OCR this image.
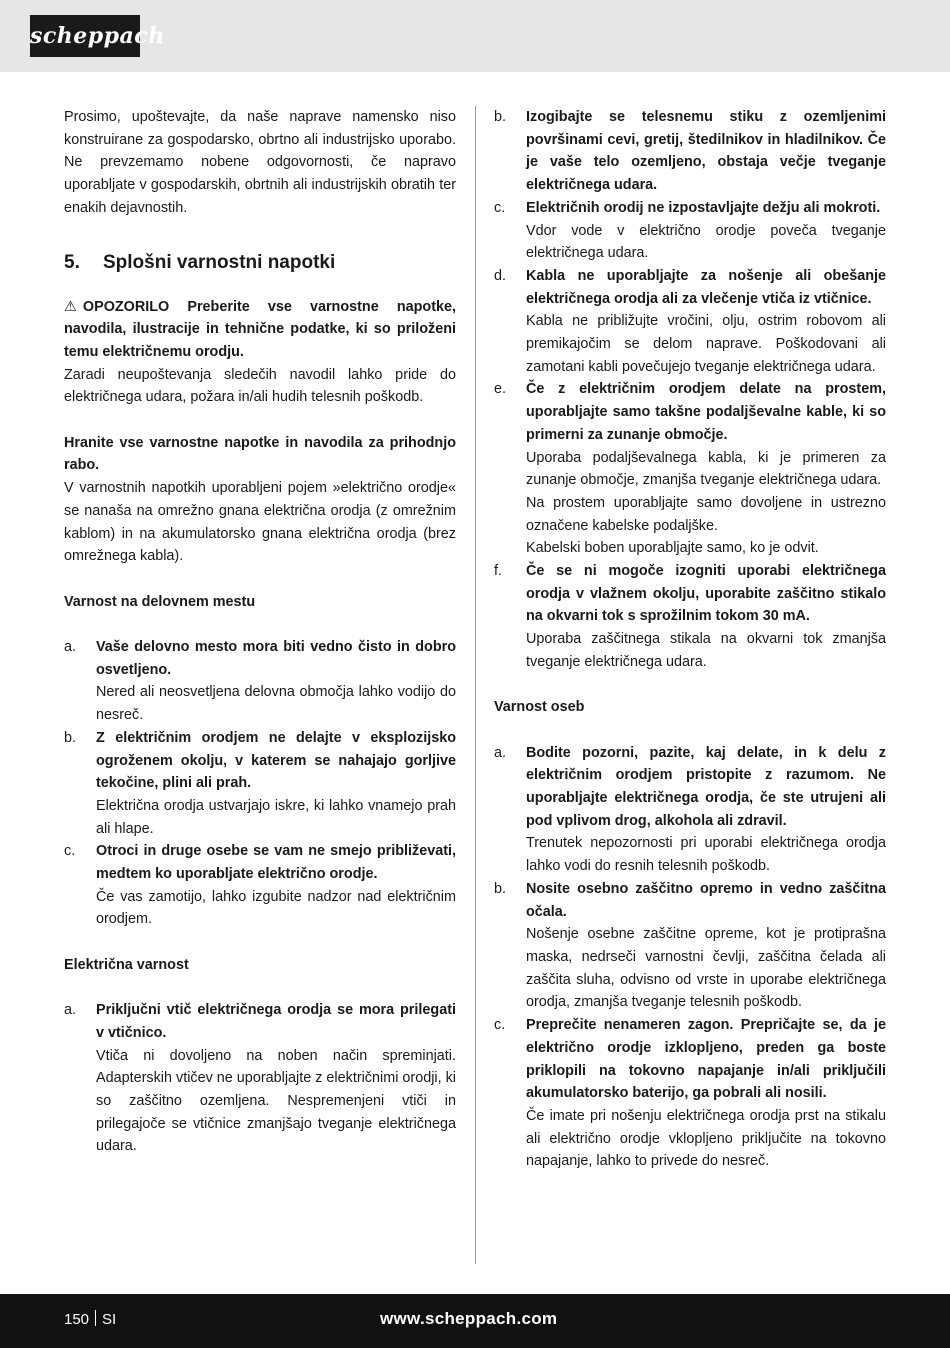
scheppach

Prosimo, upoštevajte, da naše naprave namensko niso konstruirane za gospodarsko, obrtno ali industrijsko uporabo. Ne prevzemamo nobene odgovornosti, če napravo uporabljate v gospodarskih, obrtnih ali industrijskih obratih ter enakih dejavnostih.

5.	Splošni varnostni napotki

⚠ OPOZORILO Preberite vse varnostne napotke, navodila, ilustracije in tehnične podatke, ki so priloženi temu električnemu orodju.

Zaradi neupoštevanja sledečih navodil lahko pride do električnega udara, požara in/ali hudih telesnih poškodb.

Hranite vse varnostne napotke in navodila za prihodnjo rabo.

V varnostnih napotkih uporabljeni pojem »električno orodje« se nanaša na omrežno gnana električna orodja (z omrežnim kablom) in na akumulatorsko gnana električna orodja (brez omrežnega kabla).

Varnost na delovnem mestu

a. Vaše delovno mesto mora biti vedno čisto in dobro osvetljeno.

Nered ali neosvetljena delovna območja lahko vodijo do nesreč.

b. Z električnim orodjem ne delajte v eksplozijsko ogroženem okolju, v katerem se nahajajo gorljive tekočine, plini ali prah.

Električna orodja ustvarjajo iskre, ki lahko vnamejo prah ali hlape.

c. Otroci in druge osebe se vam ne smejo približevati, medtem ko uporabljate električno orodje.

Če vas zamotijo, lahko izgubite nadzor nad električnim orodjem.

Električna varnost

a. Priključni vtič električnega orodja se mora prilegati v vtičnico.

Vtiča ni dovoljeno na noben način spreminjati. Adapterskih vtičev ne uporabljajte z električnimi orodji, ki so zaščitno ozemljena. Nespremenjeni vtiči in prilegajoče se vtičnice zmanjšajo tveganje električnega udara.

b. Izogibajte se telesnemu stiku z ozemljenimi površinami cevi, gretij, štedilnikov in hladilnikov. Če je vaše telo ozemljeno, obstaja večje tveganje električnega udara.

c. Električnih orodij ne izpostavljajte dežju ali mokroti.

Vdor vode v električno orodje poveča tveganje električnega udara.

d. Kabla ne uporabljajte za nošenje ali obešanje električnega orodja ali za vlečenje vtiča iz vtičnice.

Kabla ne približujte vročini, olju, ostrim robovom ali premikajočim se delom naprave. Poškodovani ali zamotani kabli povečujejo tveganje električnega udara.

e. Če z električnim orodjem delate na prostem, uporabljajte samo takšne podaljševalne kable, ki so primerni za zunanje območje.

Uporaba podaljševalnega kabla, ki je primeren za zunanje območje, zmanjša tveganje električnega udara.

Na prostem uporabljajte samo dovoljene in ustrezno označene kabelske podaljške.

Kabelski boben uporabljajte samo, ko je odvit.

f. Če se ni mogoče izogniti uporabi električnega orodja v vlažnem okolju, uporabite zaščitno stikalo na okvarni tok s sprožilnim tokom 30 mA.

Uporaba zaščitnega stikala na okvarni tok zmanjša tveganje električnega udara.

Varnost oseb

a. Bodite pozorni, pazite, kaj delate, in k delu z električnim orodjem pristopite z razumom. Ne uporabljajte električnega orodja, če ste utrujeni ali pod vplivom drog, alkohola ali zdravil.

Trenutek nepozornosti pri uporabi električnega orodja lahko vodi do resnih telesnih poškodb.

b. Nosite osebno zaščitno opremo in vedno zaščitna očala.

Nošenje osebne zaščitne opreme, kot je protiprašna maska, nedrseči varnostni čevlji, zaščitna čelada ali zaščita sluha, odvisno od vrste in uporabe električnega orodja, zmanjša tveganje telesnih poškodb.

c. Preprečite nenameren zagon. Prepričajte se, da je električno orodje izklopljeno, preden ga boste priklopili na tokovno napajanje in/ali priključili akumulatorsko baterijo, ga pobrali ali nosili.

Če imate pri nošenju električnega orodja prst na stikalu ali električno orodje vklopljeno priključite na tokovno napajanje, lahko to privede do nesreč.

150 SI	www.scheppach.com
